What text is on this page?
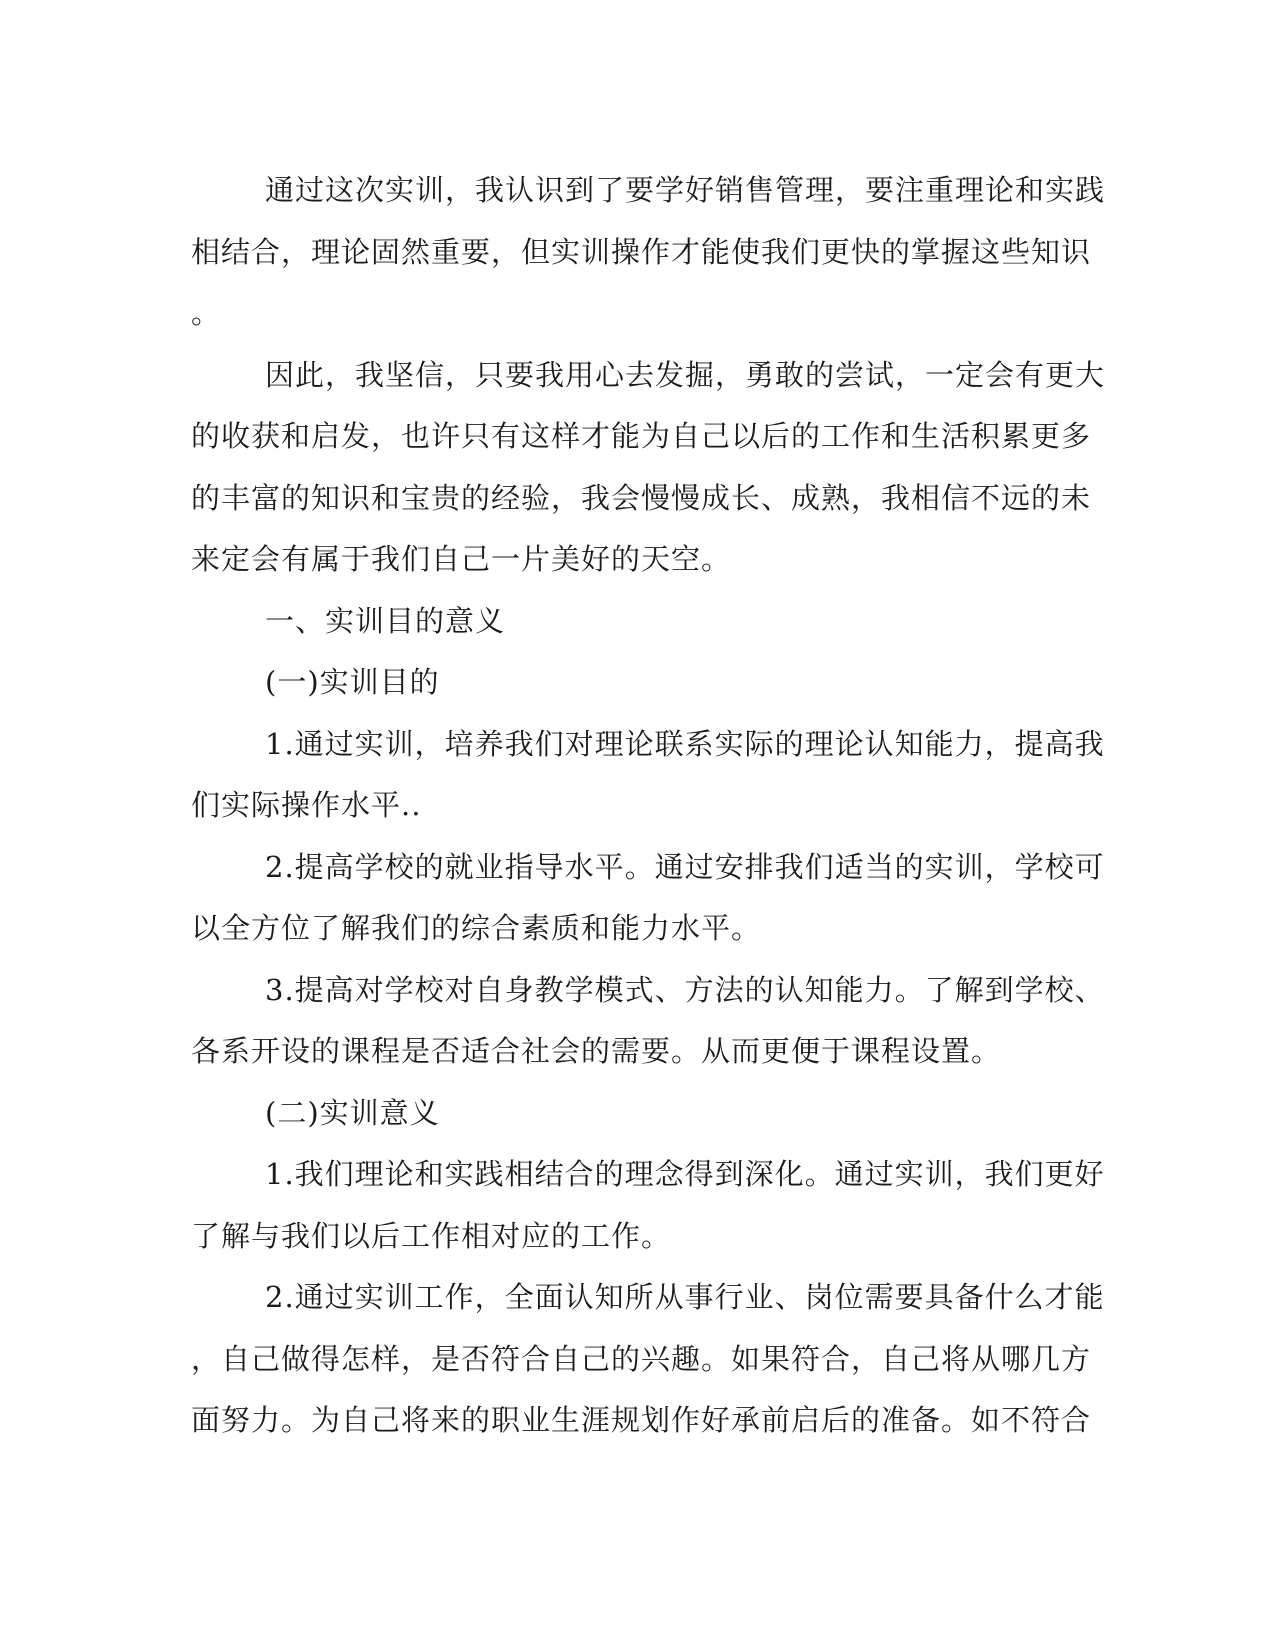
通过这次实训，我认识到了要学好销售管理，要注重理论和实践
相结合，理论固然重要，但实训操作才能使我们更快的掌握这些知识
。
因此，我坚信，只要我用心去发掘，勇敢的尝试，一定会有更大
的收获和启发，也许只有这样才能为自己以后的工作和生活积累更多
的丰富的知识和宝贵的经验，我会慢慢成长、成熟，我相信不远的未
来定会有属于我们自己一片美好的天空。
一、实训目的意义
(一)实训目的
1.通过实训，培养我们对理论联系实际的理论认知能力，提高我
们实际操作水平..
2.提高学校的就业指导水平。通过安排我们适当的实训，学校可
以全方位了解我们的综合素质和能力水平。
3.提高对学校对自身教学模式、方法的认知能力。了解到学校、
各系开设的课程是否适合社会的需要。从而更便于课程设置。
(二)实训意义
1.我们理论和实践相结合的理念得到深化。通过实训，我们更好
了解与我们以后工作相对应的工作。
2.通过实训工作，全面认知所从事行业、岗位需要具备什么才能
，自己做得怎样，是否符合自己的兴趣。如果符合，自己将从哪几方
面努力。为自己将来的职业生涯规划作好承前启后的准备。如不符合
